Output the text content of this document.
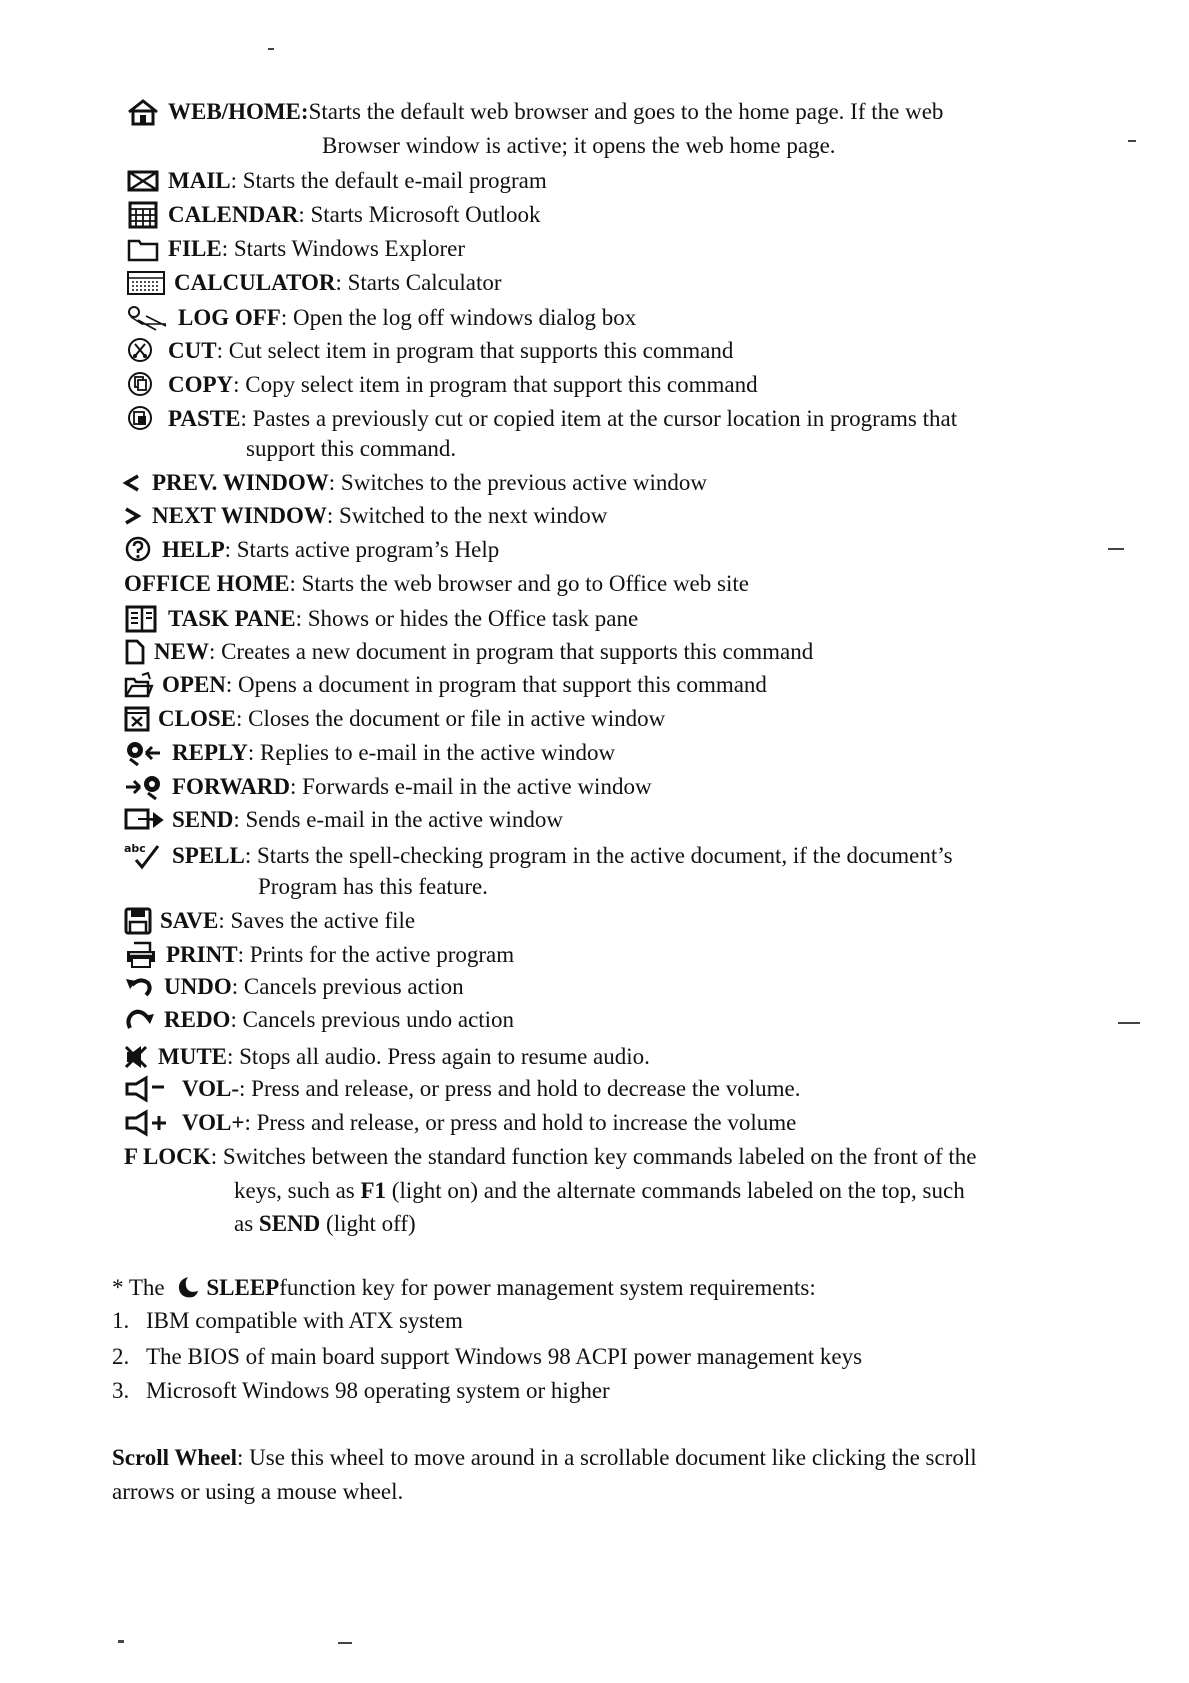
WEB/HOME: Starts the default web browser and goes to the home page. If the web
Browser window is active; it opens the web home page.
MAIL : Starts the default e-mail program
CALENDAR : Starts Microsoft Outlook
FILE : Starts Windows Explorer
CALCULATOR : Starts Calculator
LOG OFF : Open the log off windows dialog box
CUT : Cut select item in program that supports this command
COPY : Copy select item in program that support this command
PASTE : Pastes a previously cut or copied item at the cursor location in programs that
support this command.
PREV. WINDOW : Switches to the previous active window
NEXT WINDOW : Switched to the next window
HELP : Starts active program’s Help
OFFICE HOME : Starts the web browser and go to Office web site
TASK PANE : Shows or hides the Office task pane
NEW : Creates a new document in program that supports this command
OPEN : Opens a document in program that support this command
CLOSE : Closes the document or file in active window
REPLY : Replies to e-mail in the active window
FORWARD : Forwards e-mail in the active window
SEND : Sends e-mail in the active window
abc SPELL : Starts the spell-checking program in the active document, if the document’s
Program has this feature.
SAVE : Saves the active file
PRINT : Prints for the active program
UNDO : Cancels previous action
REDO : Cancels previous undo action
MUTE : Stops all audio. Press again to resume audio.
VOL- : Press and release, or press and hold to decrease the volume.
VOL+ : Press and release, or press and hold to increase the volume
F LOCK : Switches between the standard function key commands labeled on the front of the
keys, such as F1 (light on) and the alternate commands labeled on the top, such
as SEND (light off)
* The SLEEP function key for power management system requirements:
1. IBM compatible with ATX system
2. The BIOS of main board support Windows 98 ACPI power management keys
3. Microsoft Windows 98 operating system or higher
Scroll Wheel : Use this wheel to move around in a scrollable document like clicking the scroll
arrows or using a mouse wheel.
